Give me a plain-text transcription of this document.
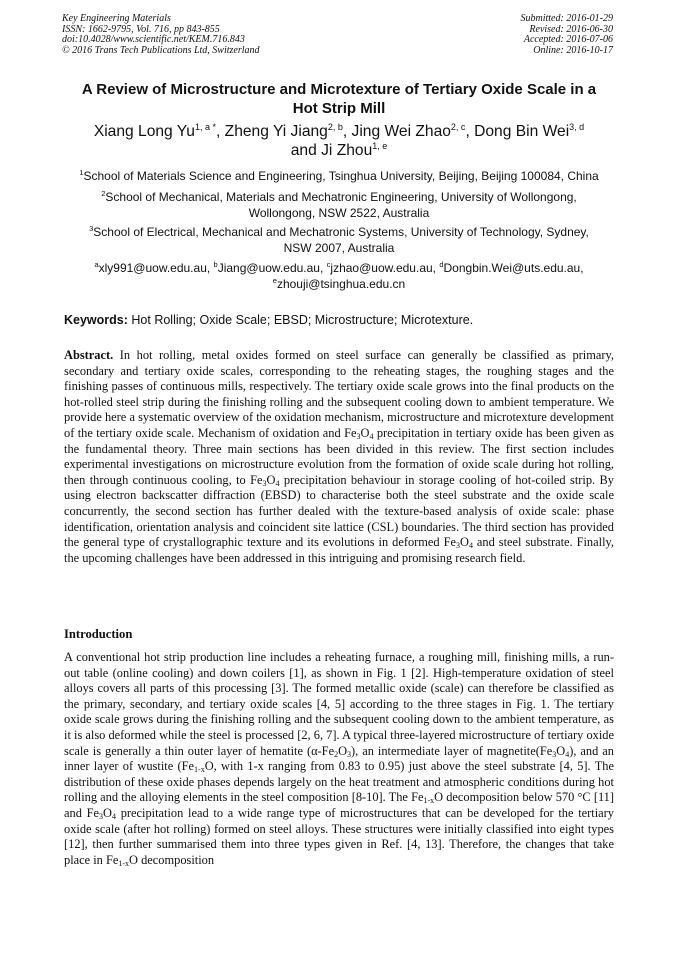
Key Engineering Materials
ISSN: 1662-9795, Vol. 716, pp 843-855
doi:10.4028/www.scientific.net/KEM.716.843
© 2016 Trans Tech Publications Ltd, Switzerland
Submitted: 2016-01-29
Revised: 2016-06-30
Accepted: 2016-07-06
Online: 2016-10-17
A Review of Microstructure and Microtexture of Tertiary Oxide Scale in a
Hot Strip Mill
Xiang Long $Yu^{1, a *}$, Zheng Yi Jiang$^{2, b}$, Jing Wei Zhao$^{2, c}$, Dong Bin Wei$^{3, d}$
and Ji Zhou$^{1, e}$
$^1$School of Materials Science and Engineering, Tsinghua University, Beijing, Beijing 100084, China
$^2$School of Mechanical, Materials and Mechatronic Engineering, University of Wollongong,
Wollongong, NSW 2522, Australia
$^3$School of Electrical, Mechanical and Mechatronic Systems, University of Technology, Sydney,
NSW 2007, Australia
$^a$xly991@uow.edu.au, $^b$Jiang@uow.edu.au, $^c$jzhao@uow.edu.au, $^d$Dongbin.Wei@uts.edu.au,
$^e$zhouji@tsinghua.edu.cn
Keywords: Hot Rolling; Oxide Scale; EBSD; Microstructure; Microtexture.
Abstract. In hot rolling, metal oxides formed on steel surface can generally be classified as primary, secondary and tertiary oxide scales, corresponding to the reheating stages, the roughing stages and the finishing passes of continuous mills, respectively. The tertiary oxide scale grows into the final products on the hot-rolled steel strip during the finishing rolling and the subsequent cooling down to ambient temperature. We provide here a systematic overview of the oxidation mechanism, microstructure and microtexture development of the tertiary oxide scale. Mechanism of oxidation and $Fe_3O_4$ precipitation in tertiary oxide has been given as the fundamental theory. Three main sections has been divided in this review. The first section includes experimental investigations on microstructure evolution from the formation of oxide scale during hot rolling, then through continuous cooling, to $Fe_3O_4$ precipitation behaviour in storage cooling of hot-coiled strip. By using electron backscatter diffraction (EBSD) to characterise both the steel substrate and the oxide scale concurrently, the second section has further dealed with the texture-based analysis of oxide scale: phase identification, orientation analysis and coincident site lattice (CSL) boundaries. The third section has provided the general type of crystallographic texture and its evolutions in deformed $Fe_3O_4$ and steel substrate. Finally, the upcoming challenges have been addressed in this intriguing and promising research field.
Introduction
A conventional hot strip production line includes a reheating furnace, a roughing mill, finishing mills, a run-out table (online cooling) and down coilers [1], as shown in Fig. 1 [2]. High-temperature oxidation of steel alloys covers all parts of this processing [3]. The formed metallic oxide (scale) can therefore be classified as the primary, secondary, and tertiary oxide scales [4, 5] according to the three stages in Fig. 1. The tertiary oxide scale grows during the finishing rolling and the subsequent cooling down to the ambient temperature, as it is also deformed while the steel is processed [2, 6, 7]. A typical three-layered microstructure of tertiary oxide scale is generally a thin outer layer of hematite $(\alpha-Fe_2O_3)$, an intermediate layer of $magnetite(Fe_3O_4)$, and an inner layer of wustite ($Fe_{1-x}O$, with 1-x ranging from 0.83 to 0.95) just above the steel substrate [4, 5]. The distribution of these oxide phases depends largely on the heat treatment and atmospheric conditions during hot rolling and the alloying elements in the steel composition [8-10]. The $Fe_{1-x}O$ decomposition below 570 °C [11] and $Fe_3O_4$ precipitation lead to a wide range type of microstructures that can be developed for the tertiary oxide scale (after hot rolling) formed on steel alloys. These structures were initially classified into eight types [12], then further summarised them into three types given in Ref. [4, 13]. Therefore, the changes that take place in $Fe_{1-x}O$ decomposition
